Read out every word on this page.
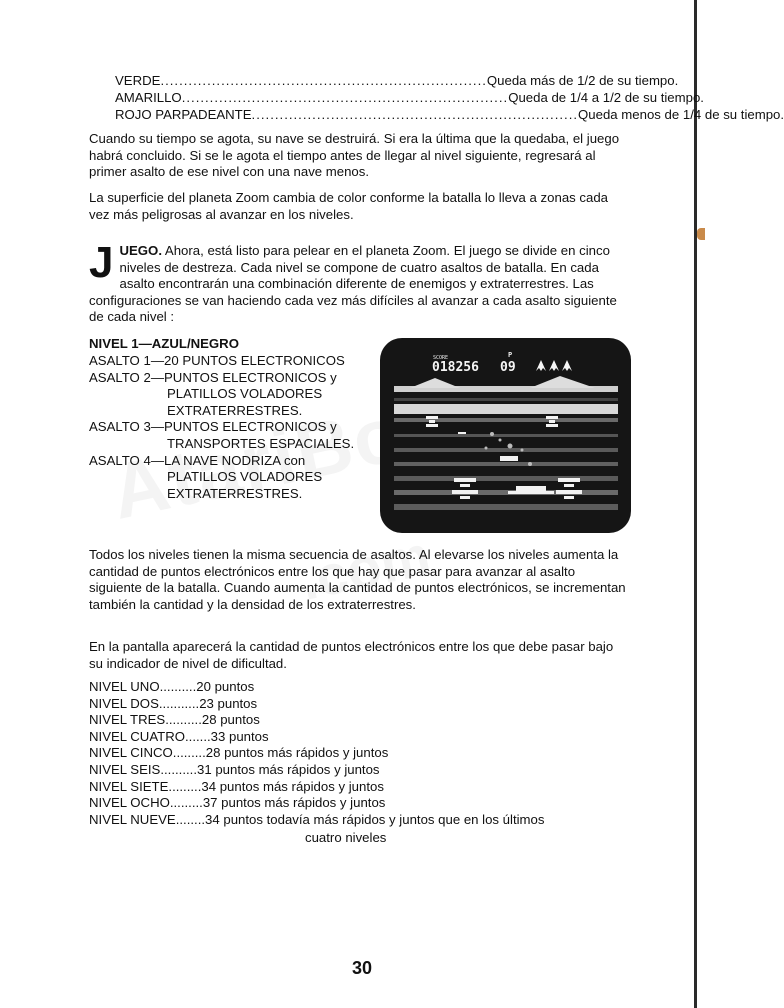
VERDE ...................................................................... Queda más de 1/2 de su tiempo.
AMARILLO ...................................................................... Queda de 1/4 a 1/2 de su tiempo.
ROJO PARPADEANTE ...................................................................... Queda menos de 1/4 de su tiempo.

Cuando su tiempo se agota, su nave se destruirá. Si era la última que la quedaba, el juego habrá concluido. Si se le agota el tiempo antes de llegar al nivel siguiente, regresará al primer asalto de ese nivel con una nave menos.

La superficie del planeta Zoom cambia de color conforme la batalla lo lleva a zonas cada vez más peligrosas al avanzar en los niveles.

JUEGO. Ahora, está listo para pelear en el planeta Zoom. El juego se divide en cinco niveles de destreza. Cada nivel se compone de cuatro asaltos de batalla. En cada asalto encontrarán una combinación diferente de enemigos y extraterrestres. Las configuraciones se van haciendo cada vez más difíciles al avanzar a cada asalto siguiente de cada nivel :
NIVEL 1—AZUL/NEGRO
ASALTO 1—20 PUNTOS ELECTRONICOS
ASALTO 2—PUNTOS ELECTRONICOS y
PLATILLOS VOLADORES
EXTRATERRESTRES.
ASALTO 3—PUNTOS ELECTRONICOS y
TRANSPORTES ESPACIALES.
ASALTO 4—LA NAVE NODRIZA con
PLATILLOS VOLADORES
EXTRATERRESTRES.
SCORE	P
018256 09

Todos los niveles tienen la misma secuencia de asaltos. Al elevarse los niveles aumenta la cantidad de puntos electrónicos entre los que hay que pasar para avanzar al asalto siguiente de la batalla. Cuando aumenta la cantidad de puntos electrónicos, se incrementan también la cantidad y la densidad de los extraterrestres.

En la pantalla aparecerá la cantidad de puntos electrónicos entre los que debe pasar bajo su indicador de nivel de dificultad.

NIVEL UNO .......... 20 puntos
NIVEL DOS ........... 23 puntos
NIVEL TRES .......... 28 puntos
NIVEL CUATRO ....... 33 puntos
NIVEL CINCO ......... 28 puntos más rápidos y juntos
NIVEL SEIS .......... 31 puntos más rápidos y juntos
NIVEL SIETE ......... 34 puntos más rápidos y juntos
NIVEL OCHO ......... 37 puntos más rápidos y juntos
NIVEL NUEVE ........ 34 puntos todavía más rápidos y juntos que en los últimos
cuatro niveles
30
